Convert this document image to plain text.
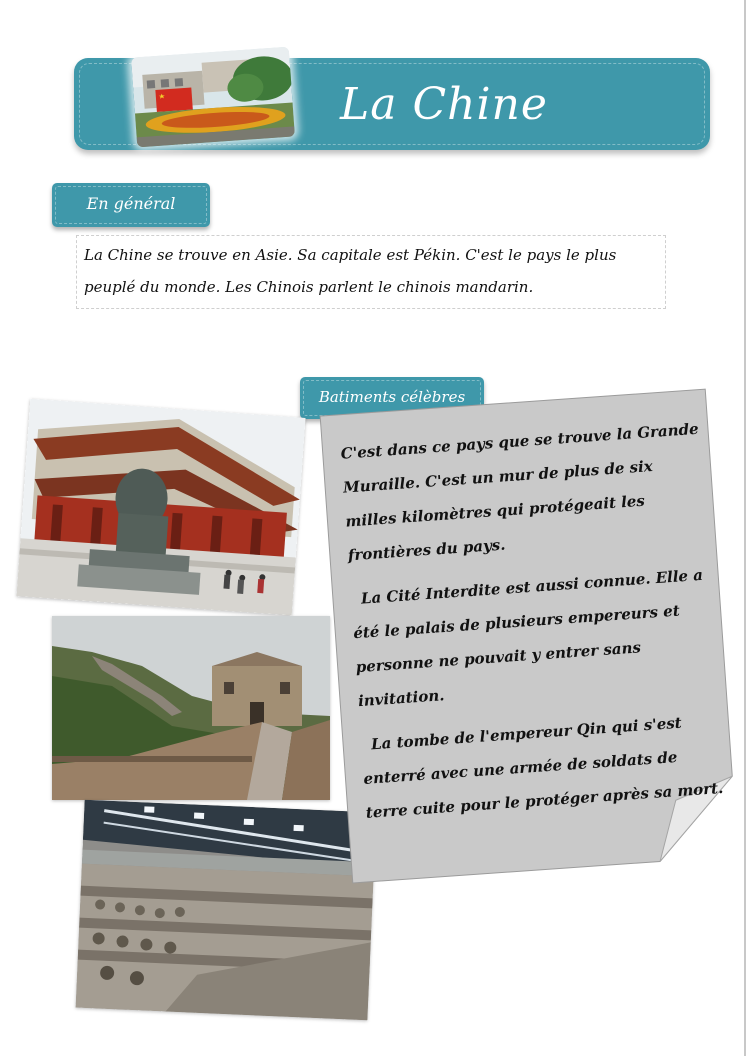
La Chine
En général
La Chine se trouve en Asie. Sa capitale est Pékin. C'est le pays le plus peuplé du monde. Les Chinois parlent le chinois mandarin.
Batiments célèbres

C'est dans ce pays que se trouve la Grande Muraille. C'est un mur de plus de six milles kilomètres qui protégeait les frontières du pays.

La Cité Interdite est aussi connue. Elle a été le palais de plusieurs empereurs et personne ne pouvait y entrer sans invitation.

La tombe de l'empereur Qin qui s'est enterré avec une armée de soldats de terre cuite pour le protéger après sa mort.
